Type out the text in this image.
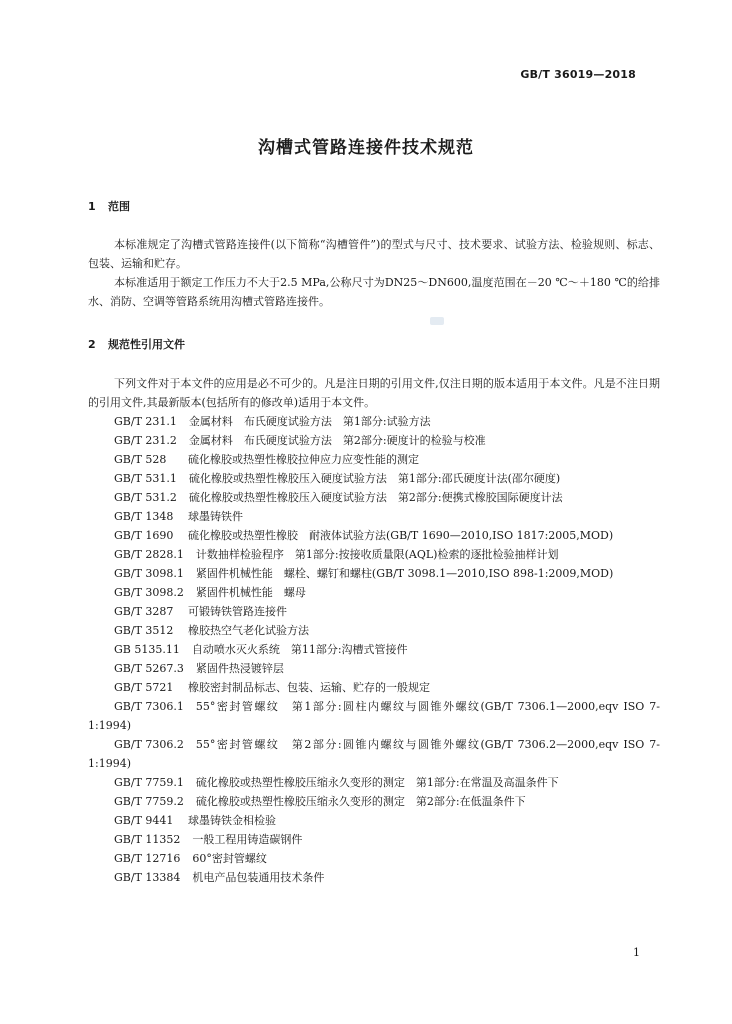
GB/T 36019—2018
沟槽式管路连接件技术规范
1 范围
本标准规定了沟槽式管路连接件(以下简称“沟槽管件”)的型式与尺寸、技术要求、试验方法、检验规则、标志、包装、运输和贮存。
本标准适用于额定工作压力不大于2.5 MPa,公称尺寸为DN25～DN600,温度范围在－20 ℃～＋180 ℃的给排水、消防、空调等管路系统用沟槽式管路连接件。
2 规范性引用文件
下列文件对于本文件的应用是必不可少的。凡是注日期的引用文件,仅注日期的版本适用于本文件。凡是不注日期的引用文件,其最新版本(包括所有的修改单)适用于本文件。
GB/T 231.1 金属材料　布氏硬度试验方法　第1部分:试验方法
GB/T 231.2 金属材料　布氏硬度试验方法　第2部分:硬度计的检验与校准
GB/T 528 硫化橡胶或热塑性橡胶拉伸应力应变性能的测定
GB/T 531.1 硫化橡胶或热塑性橡胶压入硬度试验方法　第1部分:邵氏硬度计法(邵尔硬度)
GB/T 531.2 硫化橡胶或热塑性橡胶压入硬度试验方法　第2部分:便携式橡胶国际硬度计法
GB/T 1348 球墨铸铁件
GB/T 1690 硫化橡胶或热塑性橡胶　耐液体试验方法(GB/T 1690—2010,ISO 1817:2005,MOD)
GB/T 2828.1 计数抽样检验程序　第1部分:按接收质量限(AQL)检索的逐批检验抽样计划
GB/T 3098.1 紧固件机械性能　螺栓、螺钉和螺柱(GB/T 3098.1—2010,ISO 898-1:2009,MOD)
GB/T 3098.2 紧固件机械性能　螺母
GB/T 3287 可锻铸铁管路连接件
GB/T 3512 橡胶热空气老化试验方法
GB 5135.11 自动喷水灭火系统　第11部分:沟槽式管接件
GB/T 5267.3 紧固件热浸镀锌层
GB/T 5721 橡胶密封制品标志、包装、运输、贮存的一般规定
GB/T 7306.1 55°密封管螺纹　第1部分:圆柱内螺纹与圆锥外螺纹(GB/T 7306.1—2000,eqv ISO 7-1:1994)
GB/T 7306.2 55°密封管螺纹　第2部分:圆锥内螺纹与圆锥外螺纹(GB/T 7306.2—2000,eqv ISO 7-1:1994)
GB/T 7759.1 硫化橡胶或热塑性橡胶压缩永久变形的测定　第1部分:在常温及高温条件下
GB/T 7759.2 硫化橡胶或热塑性橡胶压缩永久变形的测定　第2部分:在低温条件下
GB/T 9441 球墨铸铁金相检验
GB/T 11352 一般工程用铸造碳钢件
GB/T 12716 60°密封管螺纹
GB/T 13384 机电产品包装通用技术条件
1
